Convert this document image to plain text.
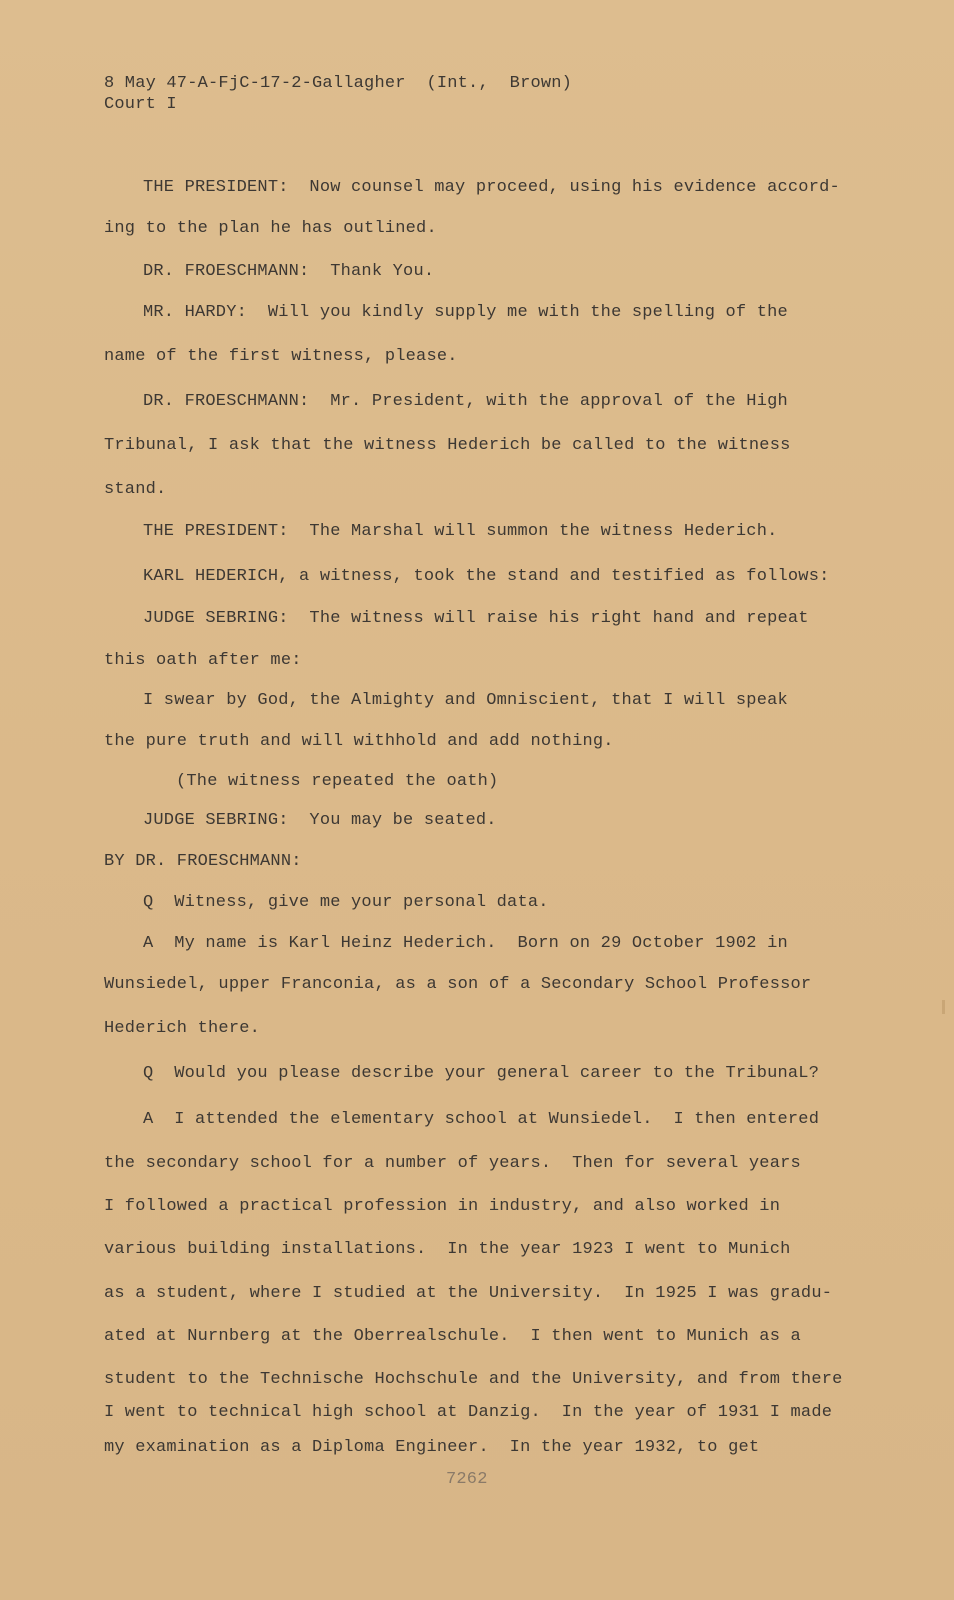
8 May 47-A-FjC-17-2-Gallagher  (Int.,  Brown)
Court I
THE PRESIDENT:  Now counsel may proceed, using his evidence accord-
ing to the plan he has outlined.
DR. FROESCHMANN:  Thank You.
MR. HARDY:  Will you kindly supply me with the spelling of the
name of the first witness, please.
DR. FROESCHMANN:  Mr. President, with the approval of the High
Tribunal, I ask that the witness Hederich be called to the witness
stand.
THE PRESIDENT:  The Marshal will summon the witness Hederich.
KARL HEDERICH, a witness, took the stand and testified as follows:
JUDGE SEBRING:  The witness will raise his right hand and repeat
this oath after me:
I swear by God, the Almighty and Omniscient, that I will speak
the pure truth and will withhold and add nothing.
(The witness repeated the oath)
JUDGE SEBRING:  You may be seated.
BY DR. FROESCHMANN:
Q  Witness, give me your personal data.
A  My name is Karl Heinz Hederich.  Born on 29 October 1902 in
Wunsiedel, upper Franconia, as a son of a Secondary School Professor
Hederich there.
Q  Would you please describe your general career to the TribunaL?
A  I attended the elementary school at Wunsiedel.  I then entered
the secondary school for a number of years.  Then for several years
I followed a practical profession in industry, and also worked in
various building installations.  In the year 1923 I went to Munich
as a student, where I studied at the University.  In 1925 I was gradu-
ated at Nurnberg at the Oberrealschule.  I then went to Munich as a
student to the Technische Hochschule and the University, and from there
I went to technical high school at Danzig.  In the year of 1931 I made
my examination as a Diploma Engineer.  In the year 1932, to get
7262
